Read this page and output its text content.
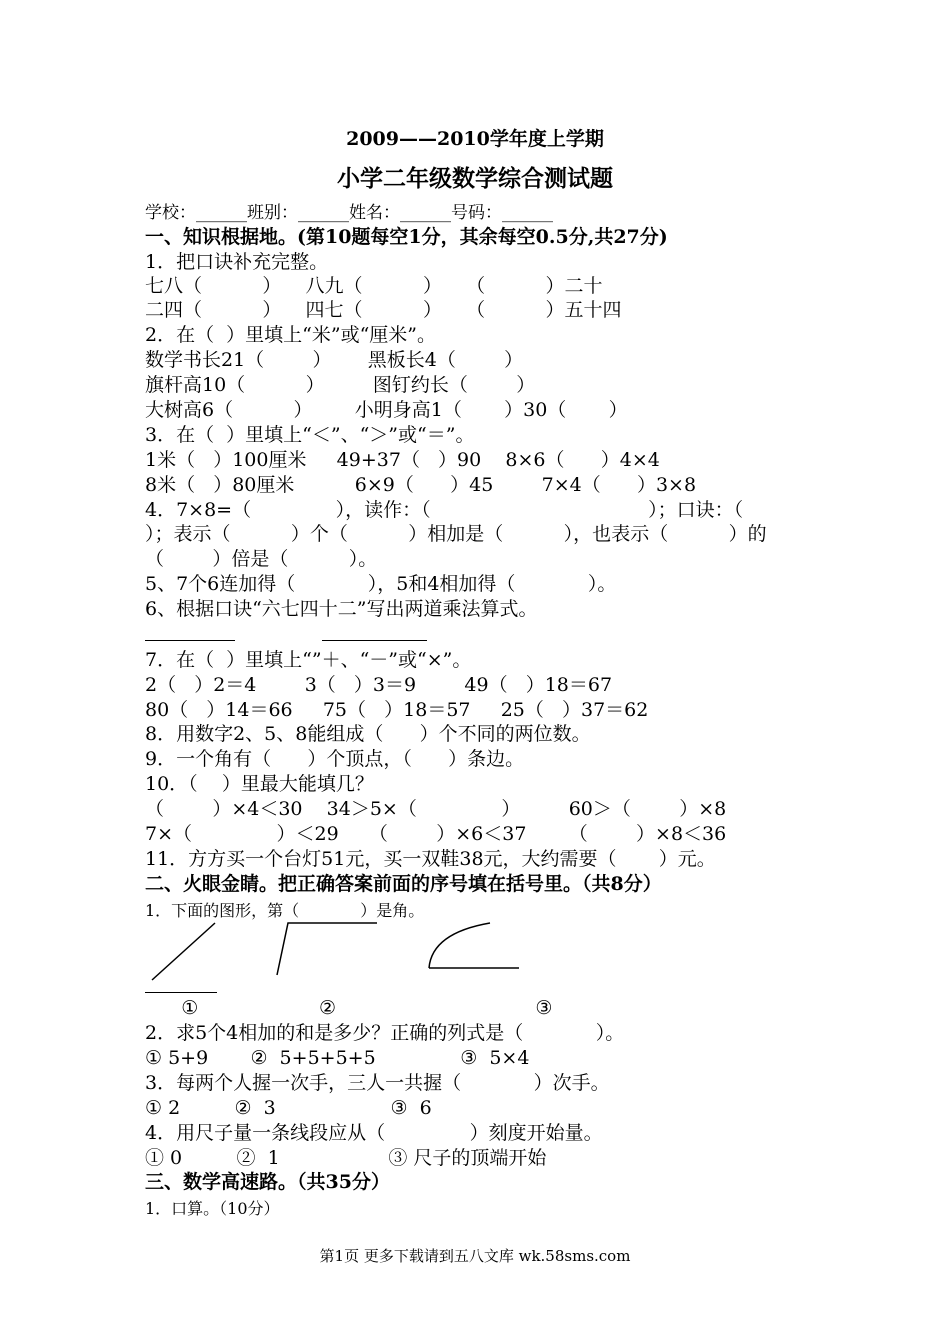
2009——2010学年度上学期
小学二年级数学综合测试题
学校：______班别：______姓名：______号码：______
一、知识根据地。(第10题每空1分，其余每空0.5分,共27分)
1．把口诀补充完整。
七八（          ）    八九（          ）    （          ）二十
二四（          ）    四七（          ）    （          ）五十四
2．在（  ）里填上“米”或“厘米”。
数学书长21（        ）      黑板长4（        ）
旗杆高10（          ）        图钉约长（        ）
大树高6（          ）       小明身高1（       ）30（       ）
3．在（  ）里填上“＜”、“＞”或“＝”。
1米（   ）100厘米     49+37（   ）90    8×6（      ）4×4
8米（   ）80厘米          6×9（      ）45        7×4（      ）3×8
4．7×8=（              ），读作：（                                    ）；口诀：（
）；表示（          ）个（          ）相加是（          ），也表示（          ）的
（        ）倍是（          ）。
5、7个6连加得（            ），5和4相加得（            ）。
6、根据口诀“六七四十二”写出两道乘法算式。
7．在（  ）里填上“”＋、“－”或“×”。
2（   ）2＝4        3（   ）3＝9        49（   ）18＝67
80（   ）14＝66     75（   ）18＝57     25（   ）37＝62
8．用数字2、5、8能组成（      ）个不同的两位数。
9．一个角有（      ）个顶点，（      ）条边。
10．（    ）里最大能填几？
（        ）×4＜30    34＞5×（              ）        60＞（        ）×8
7×（              ）＜29     （        ）×6＜37       （        ）×8＜36
11．方方买一个台灯51元，买一双鞋38元，大约需要（       ）元。
二、火眼金睛。把正确答案前面的序号填在括号里。（共8分）
1．下面的图形，第（            ）是角。
①                    ②                                 ③
2．求5个4相加的和是多少？正确的列式是（            ）。
① 5+9       ②  5+5+5+5              ③  5×4
3．每两个人握一次手，三人一共握（            ）次手。
① 2         ②  3                   ③  6
4．用尺子量一条线段应从（              ）刻度开始量。
① 0         ②  1                  ③ 尺子的顶端开始
三、数学高速路。（共35分）
1．口算。（10分）
第1页 更多下载请到五八文库 wk.58sms.com
